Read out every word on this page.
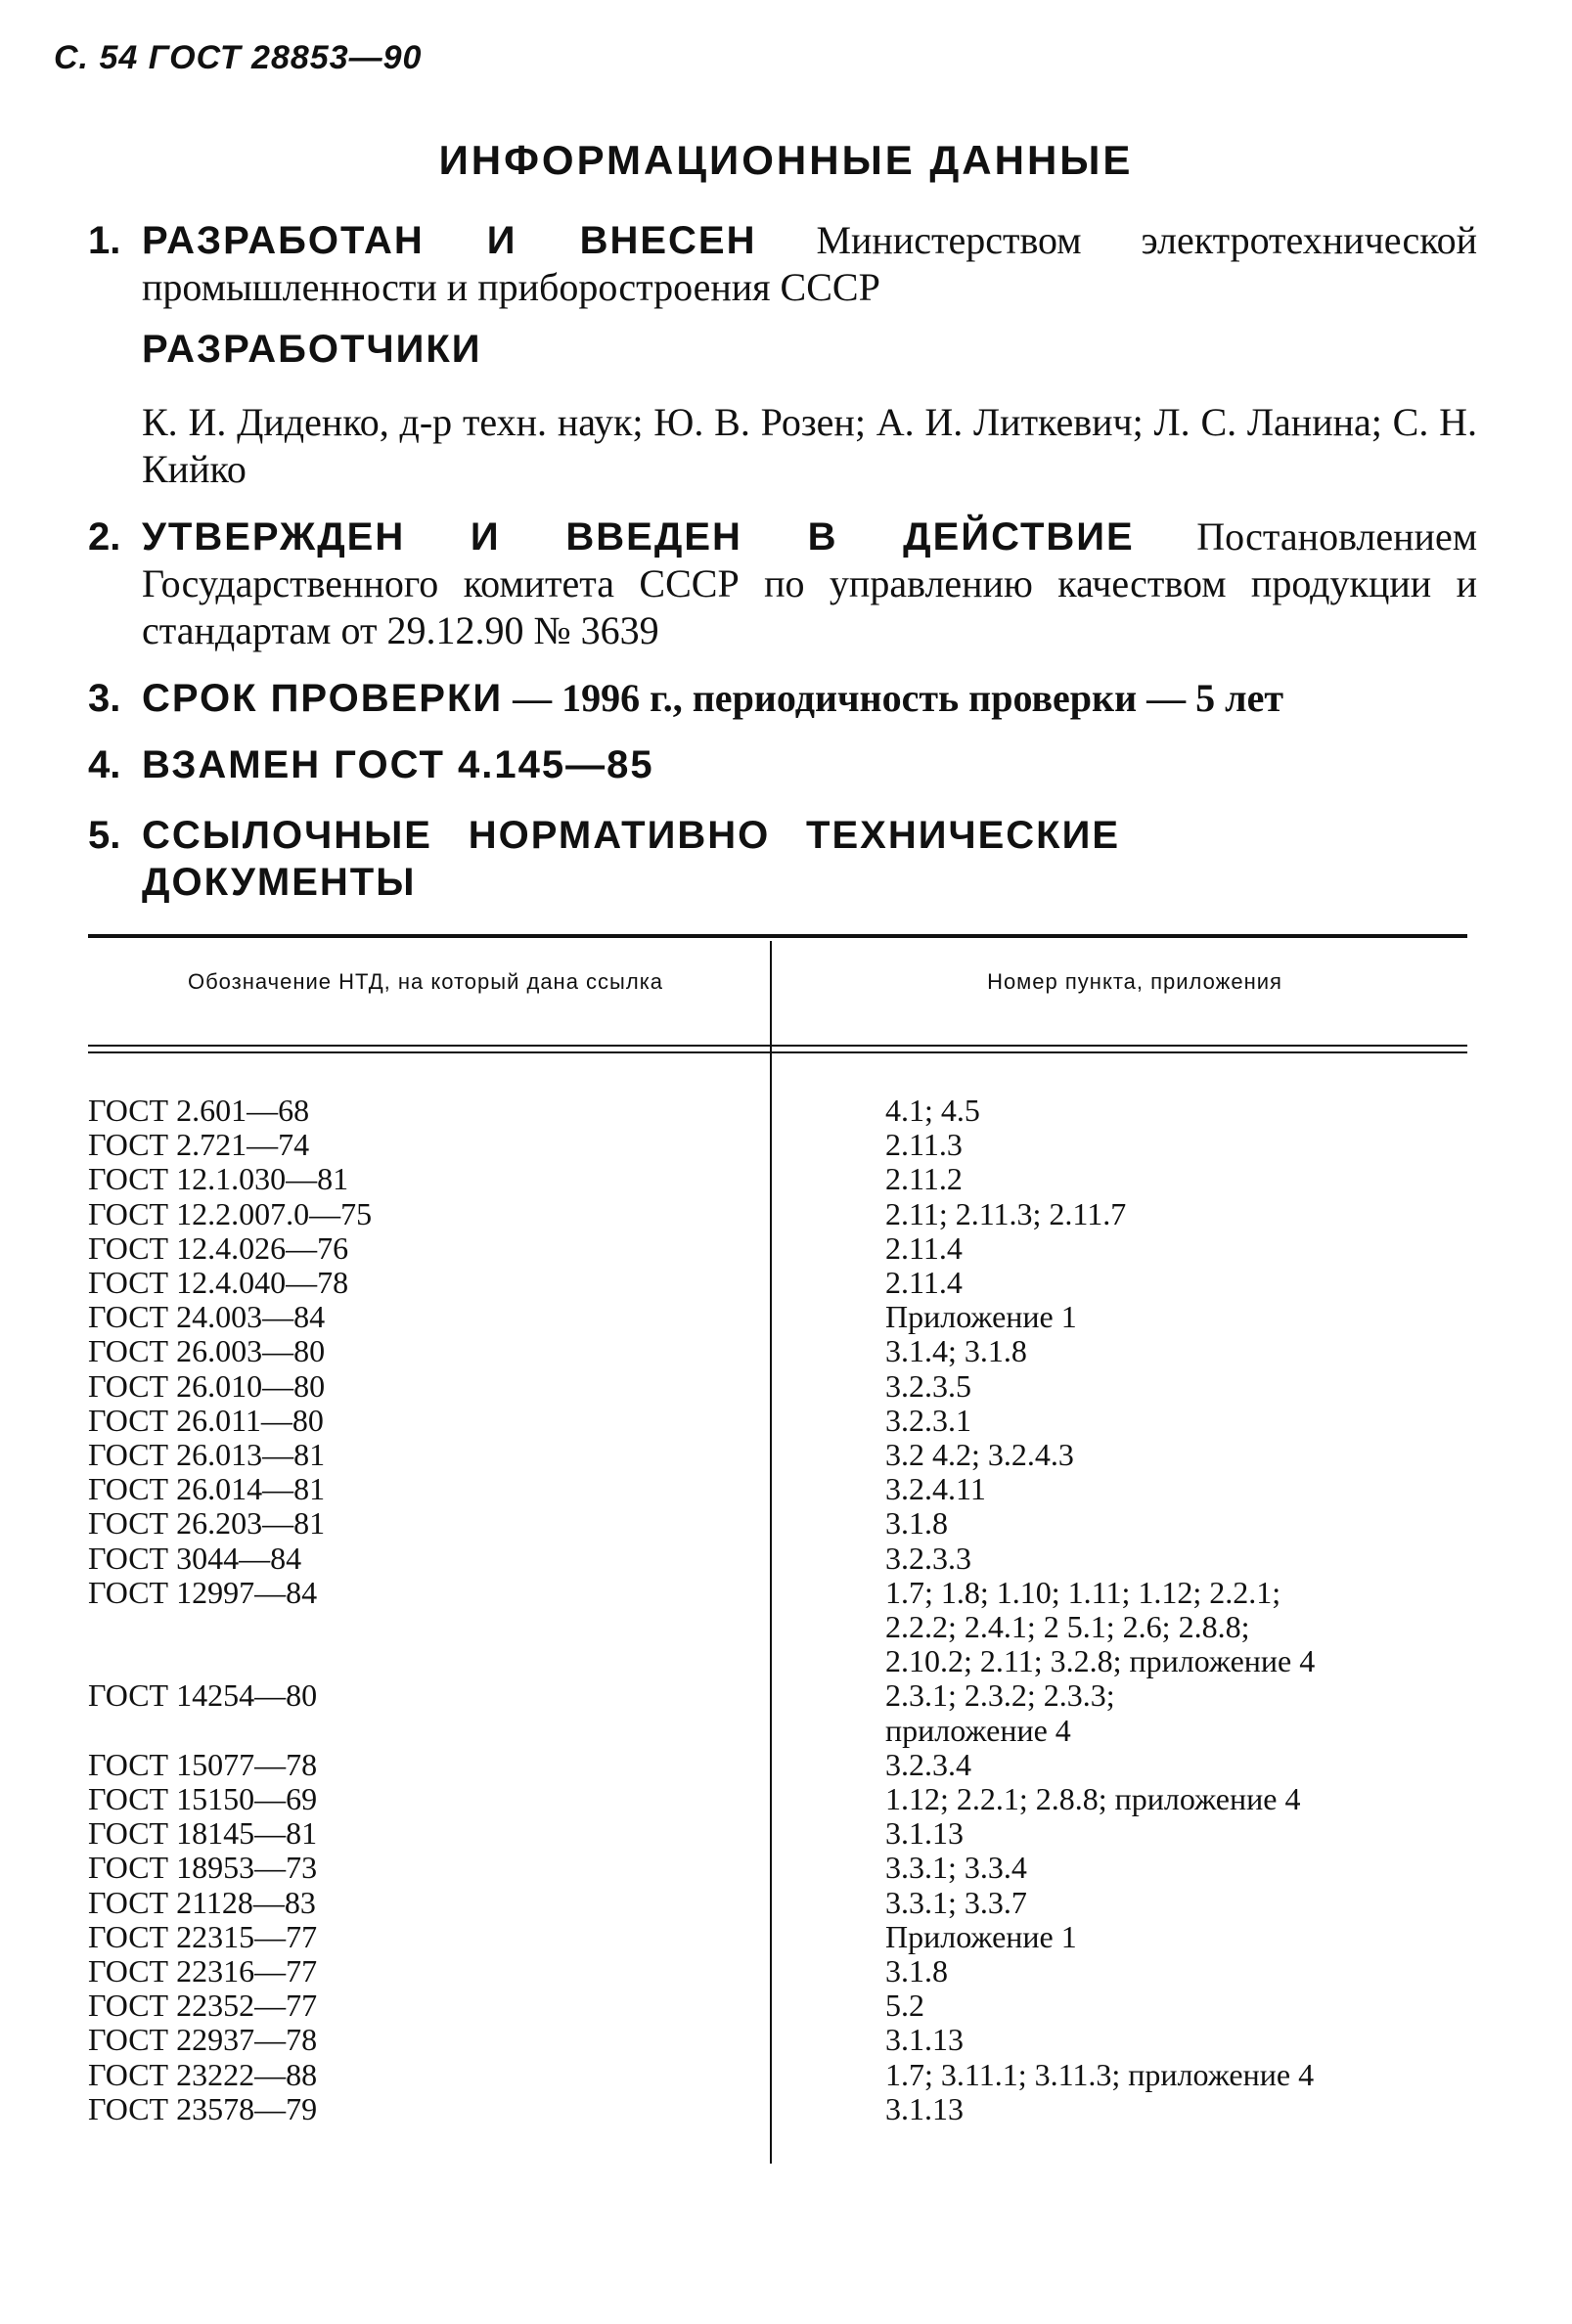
С. 54 ГОСТ 28853—90
ИНФОРМАЦИОННЫЕ ДАННЫЕ
1. РАЗРАБОТАН И ВНЕСЕН Министерством электротехнической промышленности и приборостроения СССР
РАЗРАБОТЧИКИ
К. И. Диденко, д-р техн. наук; Ю. В. Розен; А. И. Литкевич; Л. С. Ланина; С. Н. Кийко
2. УТВЕРЖДЕН И ВВЕДЕН В ДЕЙСТВИЕ Постановлением Государственного комитета СССР по управлению качеством продукции и стандартам от 29.12.90 № 3639
3. СРОК ПРОВЕРКИ — 1996 г., периодичность проверки — 5 лет
4. ВЗАМЕН ГОСТ 4.145—85
5. ССЫЛОЧНЫЕ НОРМАТИВНО ТЕХНИЧЕСКИЕ ДОКУМЕНТЫ
Обозначение НТД, на который дана ссылка	Номер пункта, приложения
ГОСТ 2.601—68	4.1; 4.5
ГОСТ 2.721—74	2.11.3
ГОСТ 12.1.030—81	2.11.2
ГОСТ 12.2.007.0—75	2.11; 2.11.3; 2.11.7
ГОСТ 12.4.026—76	2.11.4
ГОСТ 12.4.040—78	2.11.4
ГОСТ 24.003—84	Приложение 1
ГОСТ 26.003—80	3.1.4; 3.1.8
ГОСТ 26.010—80	3.2.3.5
ГОСТ 26.011—80	3.2.3.1
ГОСТ 26.013—81	3.2 4.2; 3.2.4.3
ГОСТ 26.014—81	3.2.4.11
ГОСТ 26.203—81	3.1.8
ГОСТ 3044—84	3.2.3.3
ГОСТ 12997—84	1.7; 1.8; 1.10; 1.11; 1.12; 2.2.1;
2.2.2; 2.4.1; 2 5.1; 2.6; 2.8.8;
2.10.2; 2.11; 3.2.8; приложение 4
ГОСТ 14254—80	2.3.1; 2.3.2; 2.3.3;
приложение 4
ГОСТ 15077—78	3.2.3.4
ГОСТ 15150—69	1.12; 2.2.1; 2.8.8; приложение 4
ГОСТ 18145—81	3.1.13
ГОСТ 18953—73	3.3.1; 3.3.4
ГОСТ 21128—83	3.3.1; 3.3.7
ГОСТ 22315—77	Приложение 1
ГОСТ 22316—77	3.1.8
ГОСТ 22352—77	5.2
ГОСТ 22937—78	3.1.13
ГОСТ 23222—88	1.7; 3.11.1; 3.11.3; приложение 4
ГОСТ 23578—79	3.1.13
